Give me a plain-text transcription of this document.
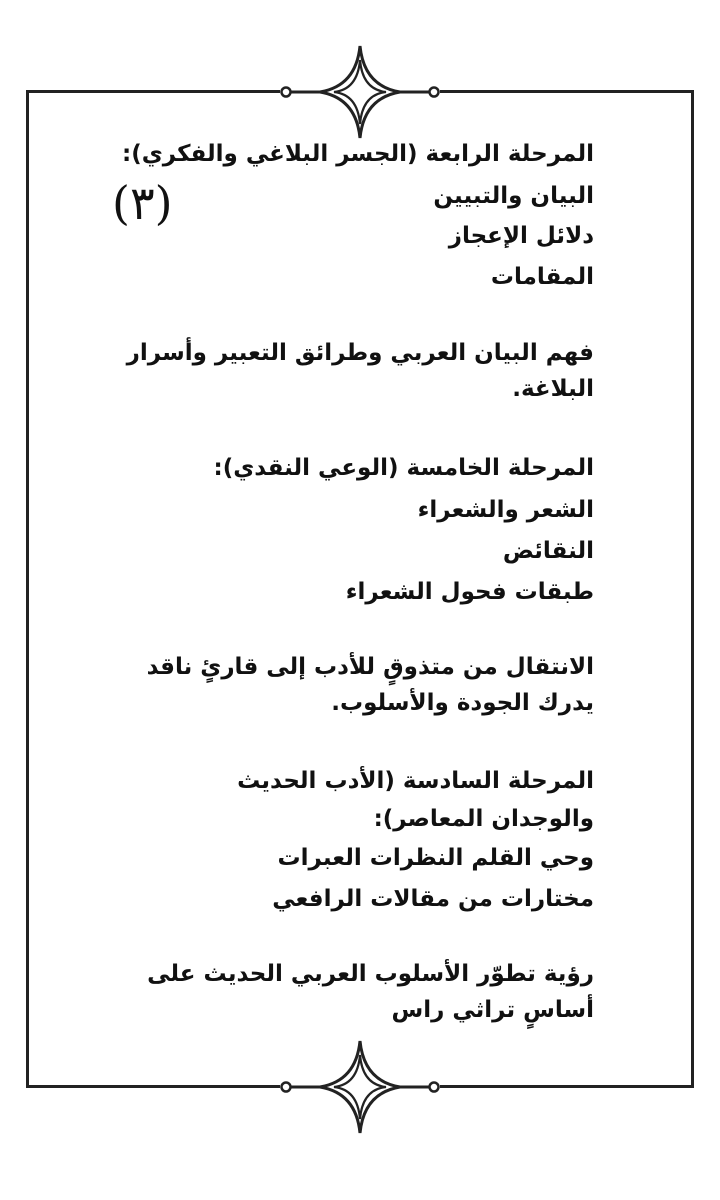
(٣)
المرحلة الرابعة (الجسر البلاغي والفكري):
البيان والتبيين
دلائل الإعجاز
المقامات
فهم البيان العربي وطرائق التعبير وأسرار
البلاغة.
المرحلة الخامسة (الوعي النقدي):
الشعر والشعراء
النقائض
طبقات فحول الشعراء
الانتقال من متذوقٍ للأدب إلى قارئٍ ناقد
يدرك الجودة والأسلوب.
المرحلة السادسة (الأدب الحديث
والوجدان المعاصر):
وحي القلم النظرات العبرات
مختارات من مقالات الرافعي
رؤية تطوّر الأسلوب العربي الحديث على
أساسٍ تراثي راس
